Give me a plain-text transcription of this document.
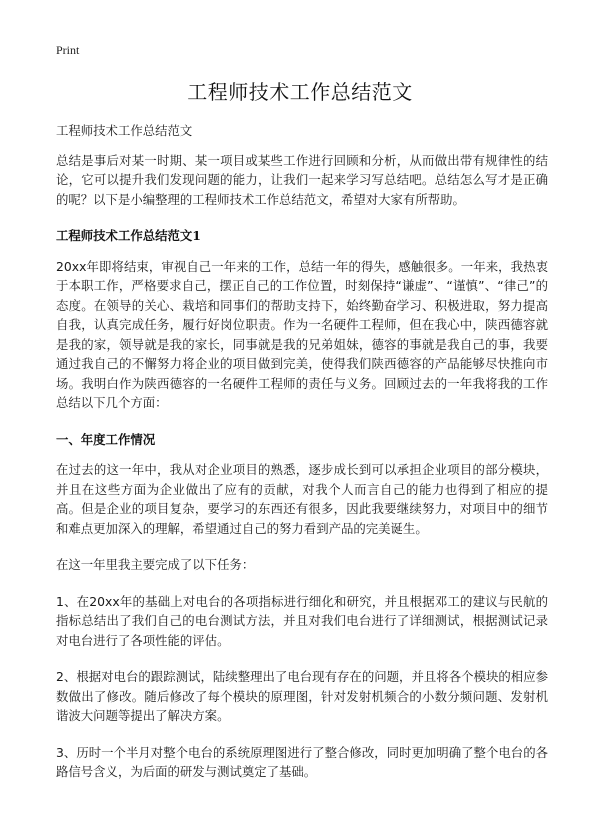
Print
工程师技术工作总结范文

工程师技术工作总结范文

总结是事后对某一时期、某一项目或某些工作进行回顾和分析，从而做出带有规律性的结论，它可以提升我们发现问题的能力，让我们一起来学习写总结吧。总结怎么写才是正确的呢？以下是小编整理的工程师技术工作总结范文，希望对大家有所帮助。

工程师技术工作总结范文1

20xx年即将结束，审视自己一年来的工作，总结一年的得失，感触很多。一年来，我热衷于本职工作，严格要求自己，摆正自己的工作位置，时刻保持“谦虚”、“谨慎”、“律己”的态度。在领导的关心、栽培和同事们的帮助支持下，始终勤奋学习、积极进取，努力提高自我，认真完成任务，履行好岗位职责。作为一名硬件工程师，但在我心中，陕西德容就是我的家，领导就是我的家长，同事就是我的兄弟姐妹，德容的事就是我自己的事，我要通过我自己的不懈努力将企业的项目做到完美，使得我们陕西德容的产品能够尽快推向市场。我明白作为陕西德容的一名硬件工程师的责任与义务。回顾过去的一年我将我的工作总结以下几个方面：

一、年度工作情况

在过去的这一年中，我从对企业项目的熟悉，逐步成长到可以承担企业项目的部分模块，并且在这些方面为企业做出了应有的贡献，对我个人而言自己的能力也得到了相应的提高。但是企业的项目复杂，要学习的东西还有很多，因此我要继续努力，对项目中的细节和难点更加深入的理解，希望通过自己的努力看到产品的完美诞生。

在这一年里我主要完成了以下任务：

1、在20xx年的基础上对电台的各项指标进行细化和研究，并且根据邓工的建议与民航的指标总结出了我们自己的电台测试方法，并且对我们电台进行了详细测试，根据测试记录对电台进行了各项性能的评估。

2、根据对电台的跟踪测试，陆续整理出了电台现有存在的问题，并且将各个模块的相应参数做出了修改。随后修改了每个模块的原理图，针对发射机频合的小数分频问题、发射机谐波大问题等提出了解决方案。

3、历时一个半月对整个电台的系统原理图进行了整合修改，同时更加明确了整个电台的各路信号含义，为后面的研发与测试奠定了基础。
